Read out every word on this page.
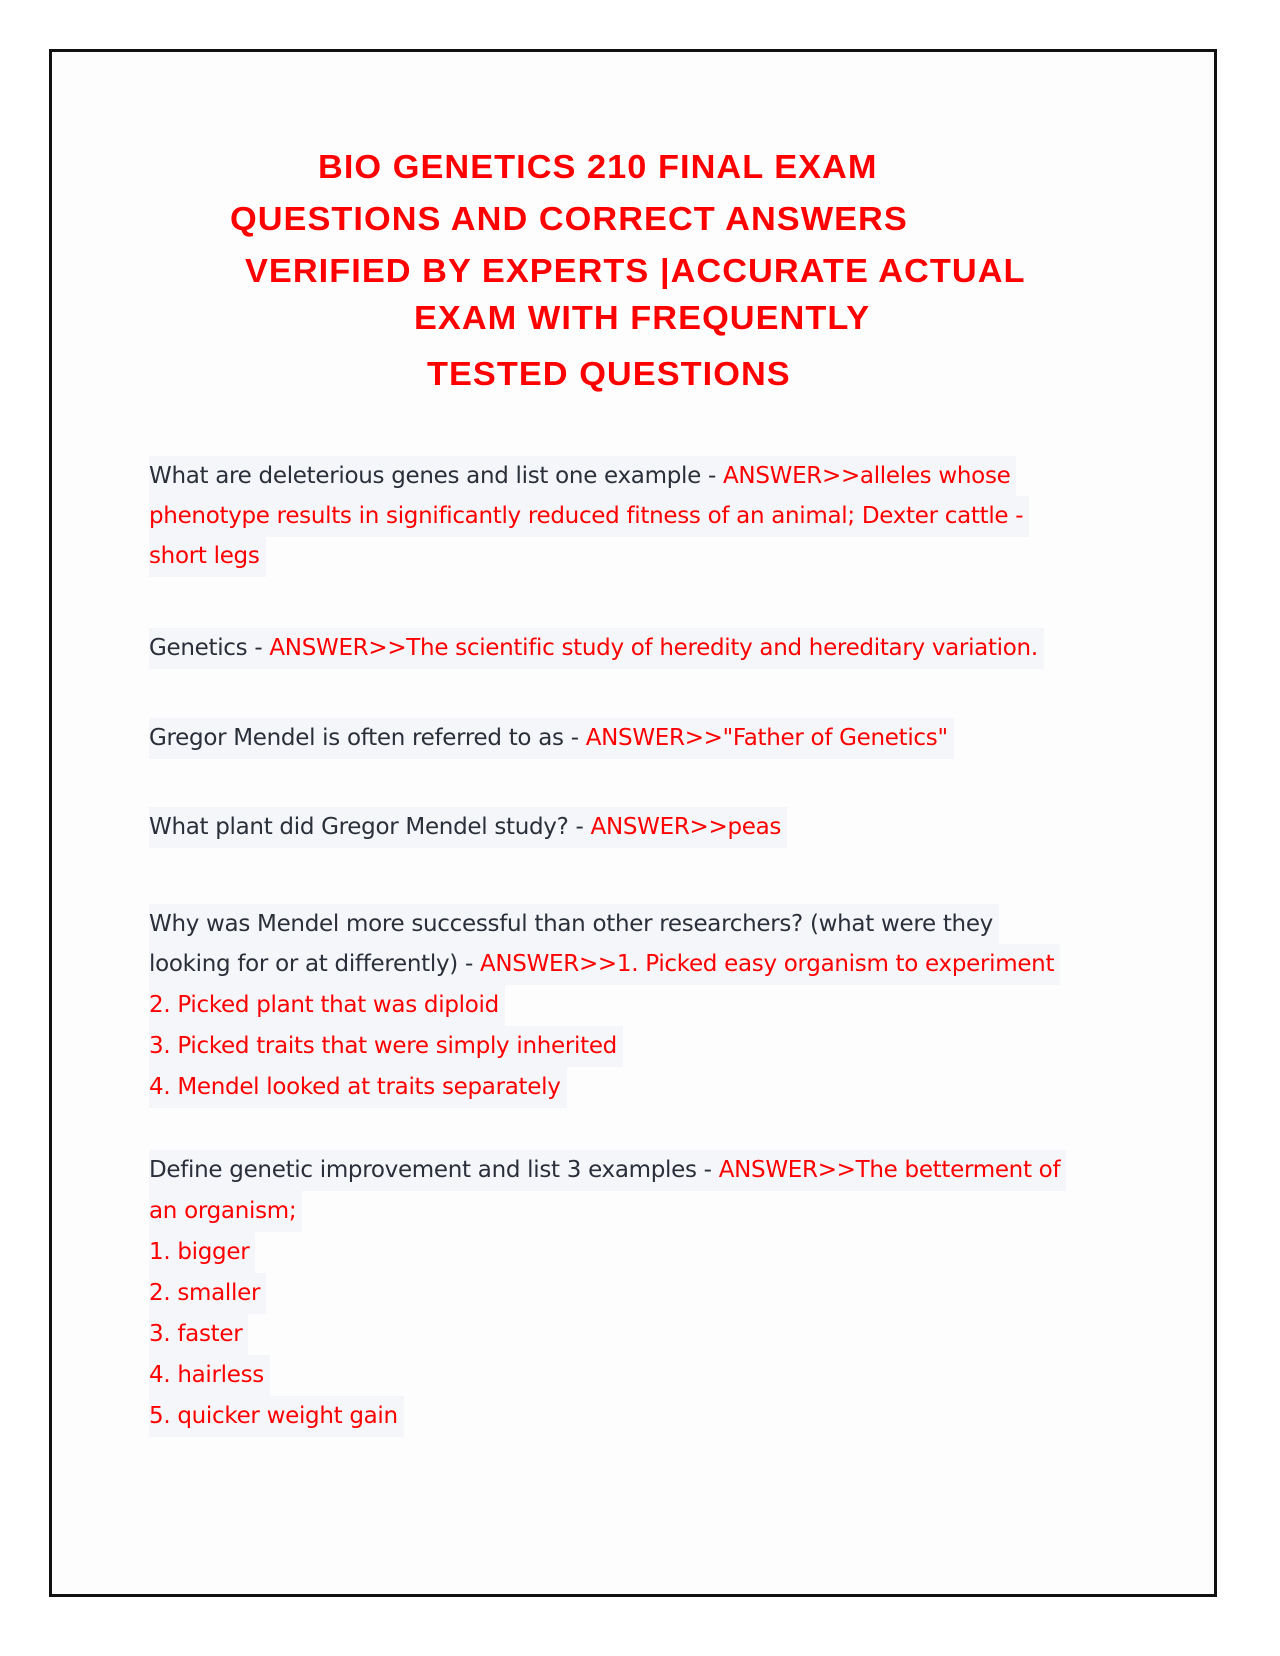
BIO GENETICS 210 FINAL EXAM
QUESTIONS AND CORRECT ANSWERS
VERIFIED BY EXPERTS |ACCURATE ACTUAL
EXAM WITH FREQUENTLY
TESTED QUESTIONS
What are deleterious genes and list one example - ANSWER>>alleles whose
phenotype results in significantly reduced fitness of an animal; Dexter cattle -
short legs
Genetics - ANSWER>>The scientific study of heredity and hereditary variation.
Gregor Mendel is often referred to as - ANSWER>>"Father of Genetics"
What plant did Gregor Mendel study? - ANSWER>>peas
Why was Mendel more successful than other researchers? (what were they
looking for or at differently) - ANSWER>>1. Picked easy organism to experiment
2. Picked plant that was diploid
3. Picked traits that were simply inherited
4. Mendel looked at traits separately
Define genetic improvement and list 3 examples - ANSWER>>The betterment of
an organism;
1. bigger
2. smaller
3. faster
4. hairless
5. quicker weight gain
